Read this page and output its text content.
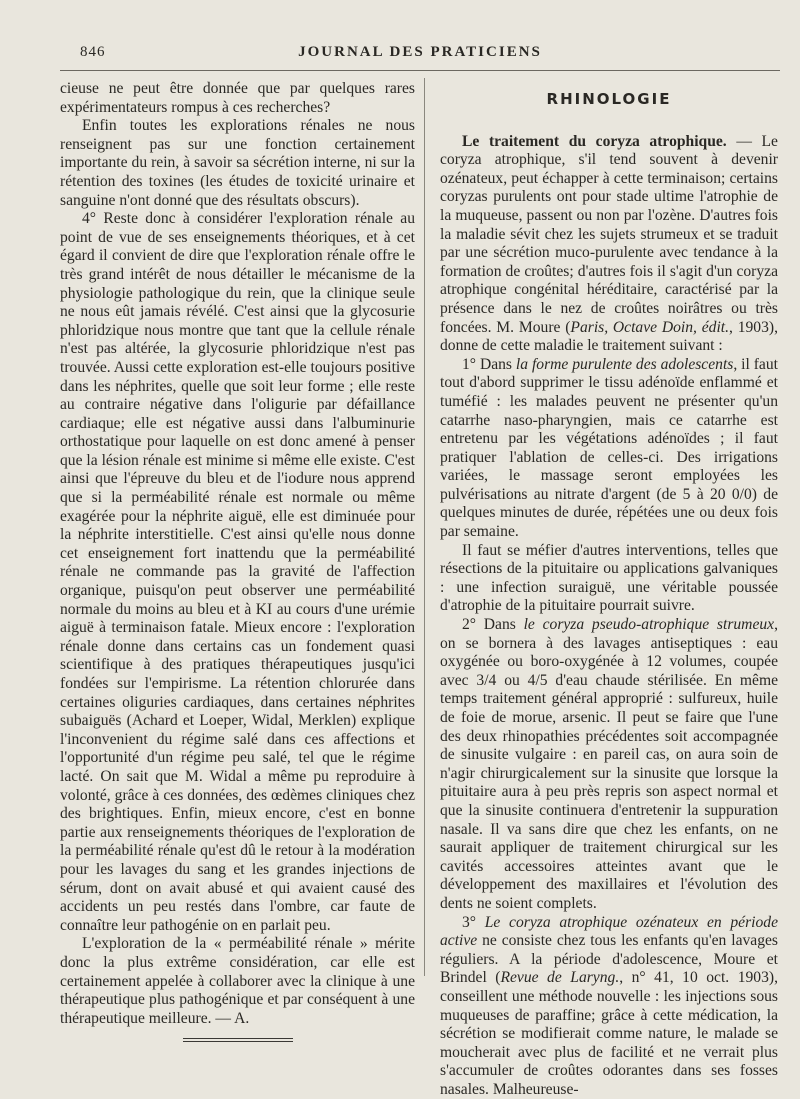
846	JOURNAL DES PRATICIENS

cieuse ne peut être donnée que par quelques rares expérimentateurs rompus à ces recherches?

Enfin toutes les explorations rénales ne nous renseignent pas sur une fonction certainement importante du rein, à savoir sa sécrétion interne, ni sur la rétention des toxines (les études de toxicité urinaire et sanguine n'ont donné que des résultats obscurs).

4° Reste donc à considérer l'exploration rénale au point de vue de ses enseignements théoriques, et à cet égard il convient de dire que l'exploration rénale offre le très grand intérêt de nous détailler le mécanisme de la physiologie pathologique du rein, que la clinique seule ne nous eût jamais révélé. C'est ainsi que la glycosurie phloridzique nous montre que tant que la cellule rénale n'est pas altérée, la glycosurie phloridzique n'est pas trouvée. Aussi cette exploration est-elle toujours positive dans les néphrites, quelle que soit leur forme ; elle reste au contraire négative dans l'oligurie par défaillance cardiaque; elle est négative aussi dans l'albuminurie orthostatique pour laquelle on est donc amené à penser que la lésion rénale est minime si même elle existe. C'est ainsi que l'épreuve du bleu et de l'iodure nous apprend que si la perméabilité rénale est normale ou même exagérée pour la néphrite aiguë, elle est diminuée pour la néphrite interstitielle. C'est ainsi qu'elle nous donne cet enseignement fort inattendu que la perméabilité rénale ne commande pas la gravité de l'affection organique, puisqu'on peut observer une perméabilité normale du moins au bleu et à KI au cours d'une urémie aiguë à terminaison fatale. Mieux encore : l'exploration rénale donne dans certains cas un fondement quasi scientifique à des pratiques thérapeutiques jusqu'ici fondées sur l'empirisme. La rétention chlorurée dans certaines oliguries cardiaques, dans certaines néphrites subaiguës (Achard et Loeper, Widal, Merklen) explique l'inconvenient du régime salé dans ces affections et l'opportunité d'un régime peu salé, tel que le régime lacté. On sait que M. Widal a même pu reproduire à volonté, grâce à ces données, des œdèmes cliniques chez des brightiques. Enfin, mieux encore, c'est en bonne partie aux renseignements théoriques de l'exploration de la perméabilité rénale qu'est dû le retour à la modération pour les lavages du sang et les grandes injections de sérum, dont on avait abusé et qui avaient causé des accidents un peu restés dans l'ombre, car faute de connaître leur pathogénie on en parlait peu.

L'exploration de la « perméabilité rénale » mérite donc la plus extrême considération, car elle est certainement appelée à collaborer avec la clinique à une thérapeutique plus pathogénique et par conséquent à une thérapeutique meilleure. — A.

RHINOLOGIE

Le traitement du coryza atrophique. — Le coryza atrophique, s'il tend souvent à devenir ozénateux, peut échapper à cette terminaison; certains coryzas purulents ont pour stade ultime l'atrophie de la muqueuse, passent ou non par l'ozène. D'autres fois la maladie sévit chez les sujets strumeux et se traduit par une sécrétion muco-purulente avec tendance à la formation de croûtes; d'autres fois il s'agit d'un coryza atrophique congénital héréditaire, caractérisé par la présence dans le nez de croûtes noirâtres ou très foncées. M. Moure (Paris, Octave Doin, édit., 1903), donne de cette maladie le traitement suivant :

1° Dans la forme purulente des adolescents, il faut tout d'abord supprimer le tissu adénoïde enflammé et tuméfié : les malades peuvent ne présenter qu'un catarrhe naso-pharyngien, mais ce catarrhe est entretenu par les végétations adénoïdes ; il faut pratiquer l'ablation de celles-ci. Des irrigations variées, le massage seront employées les pulvérisations au nitrate d'argent (de 5 à 20 0/0) de quelques minutes de durée, répétées une ou deux fois par semaine.

Il faut se méfier d'autres interventions, telles que résections de la pituitaire ou applications galvaniques : une infection suraiguë, une véritable poussée d'atrophie de la pituitaire pourrait suivre.

2° Dans le coryza pseudo-atrophique strumeux, on se bornera à des lavages antiseptiques : eau oxygénée ou boro-oxygénée à 12 volumes, coupée avec 3/4 ou 4/5 d'eau chaude stérilisée. En même temps traitement général approprié : sulfureux, huile de foie de morue, arsenic. Il peut se faire que l'une des deux rhinopathies précédentes soit accompagnée de sinusite vulgaire : en pareil cas, on aura soin de n'agir chirurgicalement sur la sinusite que lorsque la pituitaire aura à peu près repris son aspect normal et que la sinusite continuera d'entretenir la suppuration nasale. Il va sans dire que chez les enfants, on ne saurait appliquer de traitement chirurgical sur les cavités accessoires atteintes avant que le développement des maxillaires et l'évolution des dents ne soient complets.

3° Le coryza atrophique ozénateux en période active ne consiste chez tous les enfants qu'en lavages réguliers. A la période d'adolescence, Moure et Brindel (Revue de Laryng., n° 41, 10 oct. 1903), conseillent une méthode nouvelle : les injections sous muqueuses de paraffine; grâce à cette médication, la sécrétion se modifierait comme nature, le malade se moucherait avec plus de facilité et ne verrait plus s'accumuler de croûtes odorantes dans ses fosses nasales. Malheureuse-
